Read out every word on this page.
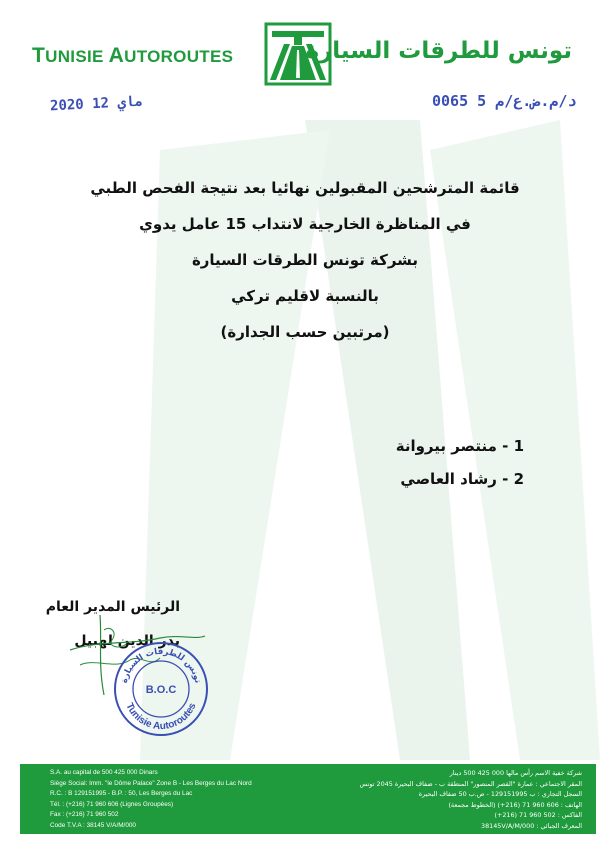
TUNISIE AUTOROUTES	تونس للطرقات السيارة
2020 ماي 12	د/م.ض.ع/م 5 0065
قائمة المترشحين المقبولين نهائيا بعد نتيجة الفحص الطبي
في المناظرة الخارجية لانتداب 15 عامل يدوي
بشركة تونس الطرقات السيارة
بالنسبة لاقليم تركي
(مرتبين حسب الجدارة)
1 - منتصر بيروانة
2 - رشاد العاصي
الرئيس المدير العام
بدر الدين لهبيل
تونس للطرقات السيارة
Tunisie Autoroutes
B.O.C
S.A. au capital de 500 425 000 Dinars
Siège Social: Imm. "le Dôme Palace" Zone B - Les Berges du Lac Nord
R.C. : B 129151995 - B.P. : 50, Les Berges du Lac
Tél. : (+216) 71 960 606 (Lignes Groupées)
Fax : (+216) 71 960 502
Code T.V.A : 38145 V/A/M/000
شركة خفية الاسم رأس مالها 000 425 500 دينار
المقر الاجتماعي : عمارة "القصر المنصور" المنطقة ب - ضفاف البحيرة 2045 تونس
السجل التجاري : ب 129151995 - ص.ب 50 ضفاف البحيرة
الهاتف : 606 960 71 (216+) (الخطوط مجمعة)
الفاكس : 502 960 71 (216+)
المعرف الجبائي : 38145V/A/M/000
